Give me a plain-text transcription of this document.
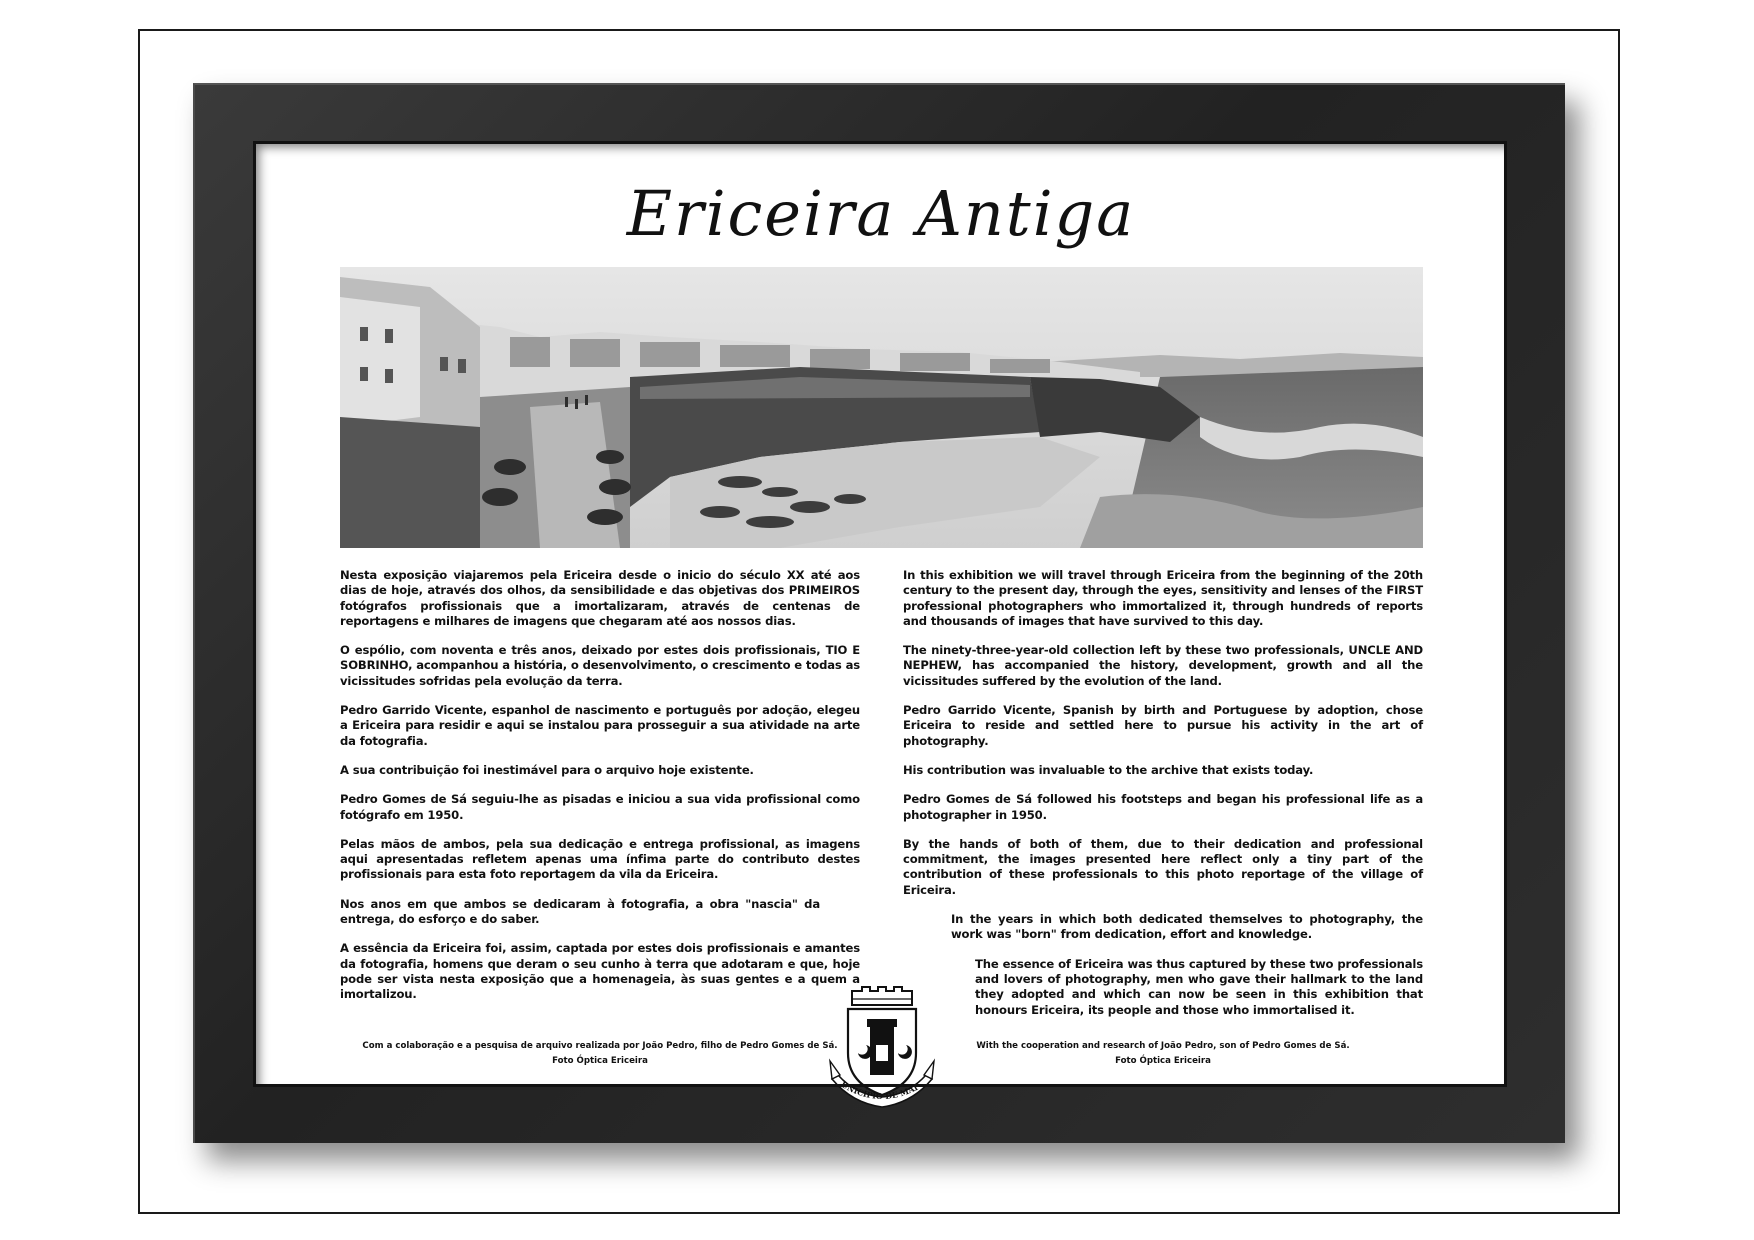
Ericeira Antiga

Nesta exposição viajaremos pela Ericeira desde o inicio do século XX até aos dias de hoje, através dos olhos, da sensibilidade e das objetivas dos PRIMEIROS fotógrafos profissionais que a imortalizaram, através de centenas de reportagens e milhares de imagens que chegaram até aos nossos dias.

O espólio, com noventa e três anos, deixado por estes dois profissionais, TIO E SOBRINHO, acompanhou a história, o desenvolvimento, o crescimento e todas as vicissitudes sofridas pela evolução da terra.

Pedro Garrido Vicente, espanhol de nascimento e português por adoção, elegeu a Ericeira para residir e aqui se instalou para prosseguir a sua atividade na arte da fotografia.

A sua contribuição foi inestimável para o arquivo hoje existente.

Pedro Gomes de Sá seguiu-lhe as pisadas e iniciou a sua vida profissional como fotógrafo em 1950.

Pelas mãos de ambos, pela sua dedicação e entrega profissional, as imagens aqui apresentadas refletem apenas uma ínfima parte do contributo destes profissionais para esta foto reportagem da vila da Ericeira.

Nos anos em que ambos se dedicaram à fotografia, a obra "nascia" da entrega, do esforço e do saber.

A essência da Ericeira foi, assim, captada por estes dois profissionais e amantes da fotografia, homens que deram o seu cunho à terra que adotaram e que, hoje pode ser vista nesta exposição que a homenageia, às suas gentes e a quem a imortalizou.

In this exhibition we will travel through Ericeira from the beginning of the 20th century to the present day, through the eyes, sensitivity and lenses of the FIRST professional photographers who immortalized it, through hundreds of reports and thousands of images that have survived to this day.

The ninety-three-year-old collection left by these two professionals, UNCLE AND NEPHEW, has accompanied the history, development, growth and all the vicissitudes suffered by the evolution of the land.

Pedro Garrido Vicente, Spanish by birth and Portuguese by adoption, chose Ericeira to reside and settled here to pursue his activity in the art of photography.

His contribution was invaluable to the archive that exists today.

Pedro Gomes de Sá followed his footsteps and began his professional life as a photographer in 1950.

By the hands of both of them, due to their dedication and professional commitment, the images presented here reflect only a tiny part of the contribution of these professionals to this photo reportage of the village of Ericeira.

In the years in which both dedicated themselves to photography, the work was "born" from dedication, effort and knowledge.

The essence of Ericeira was thus captured by these two professionals and lovers of photography, men who gave their hallmark to the land they adopted and which can now be seen in this exhibition that honours Ericeira, its people and those who immortalised it.

Com a colaboração e a pesquisa de arquivo realizada por João Pedro, filho de Pedro Gomes de Sá.
Foto Óptica Ericeira
With the cooperation and research of João Pedro, son of Pedro Gomes de Sá.
Foto Óptica Ericeira
UNICÍPIO DE MAF
